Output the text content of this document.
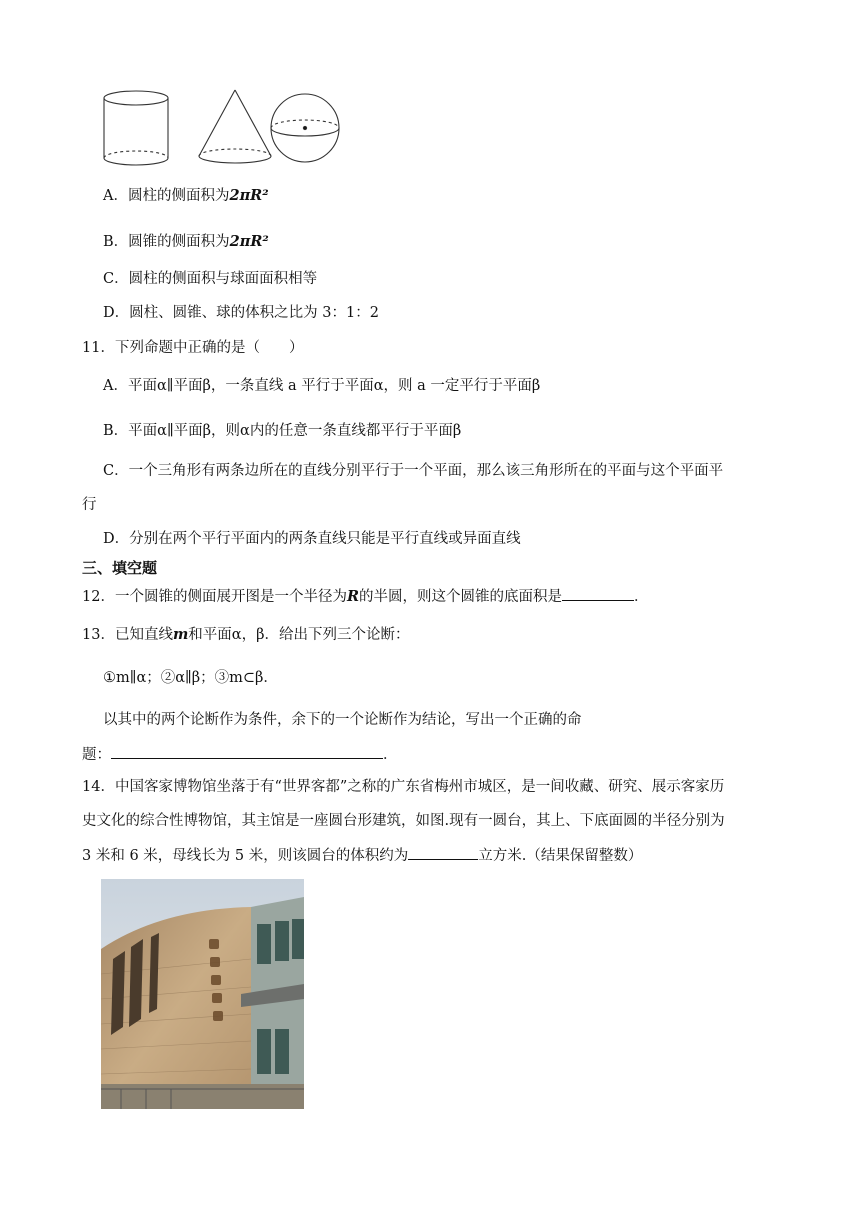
A．圆柱的侧面积为2πR²
B．圆锥的侧面积为2πR²
C．圆柱的侧面积与球面面积相等
D．圆柱、圆锥、球的体积之比为 3：1：2
11．下列命题中正确的是（　　）
A．平面α∥平面β，一条直线 a 平行于平面α，则 a 一定平行于平面β
B．平面α∥平面β，则α内的任意一条直线都平行于平面β
C．一个三角形有两条边所在的直线分别平行于一个平面，那么该三角形所在的平面与这个平面平
行
D．分别在两个平行平面内的两条直线只能是平行直线或异面直线
三、填空题
12．一个圆锥的侧面展开图是一个半径为R的半圆，则这个圆锥的底面积是	．
13．已知直线m和平面α，β．给出下列三个论断：
①m∥α；②α∥β；③m⊂β．
以其中的两个论断作为条件，余下的一个论断作为结论，写出一个正确的命
题：	．
14．中国客家博物馆坐落于有“世界客都”之称的广东省梅州市城区，是一间收藏、研究、展示客家历
史文化的综合性博物馆，其主馆是一座圆台形建筑，如图.现有一圆台，其上、下底面圆的半径分别为
3 米和 6 米，母线长为 5 米，则该圆台的体积约为	立方米.（结果保留整数）
